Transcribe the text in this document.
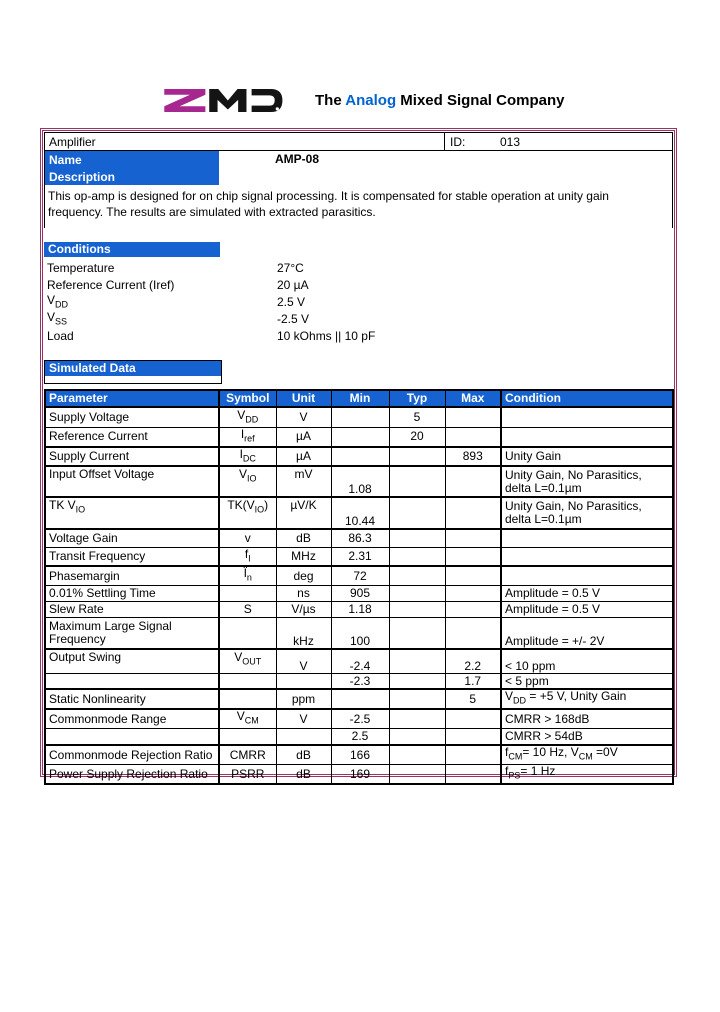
The Analog Mixed Signal Company
Amplifier	ID:	013
Name
Description
AMP-08
This op-amp is designed for on chip signal processing. It is compensated for stable operation at unity gain frequency. The results are simulated with extracted parasitics.
Conditions
Temperature	27°C
Reference Current (Iref)	20 µA
$V_{DD}$	2.5 V
$V_{SS}$	-2.5 V
Load	10 kOhms || 10 pF
Simulated Data
Parameter	Symbol	Unit	Min	Typ	Max	Condition
Supply Voltage	$V_{DD}$	V		5		
Reference Current	$I_{ref}$	µA		20		
Supply Current	$I_{DC}$	µA			893	Unity Gain
Input Offset Voltage	$V_{IO}$	mV	1.08			Unity Gain, No Parasitics, delta L=0.1µm
TK $V_{IO}$	$TK(V_{IO})$	µV/K	10.44			Unity Gain, No Parasitics, delta L=0.1µm
Voltage Gain	v	dB	86.3			
Transit Frequency	$f_I$	MHz	2.31			
Phasemargin	$Ï_n$	deg	72			
0.01% Settling Time		ns	905			Amplitude = 0.5 V
Slew Rate	S	V/µs	1.18			Amplitude = 0.5 V
Maximum Large Signal Frequency		kHz	100			Amplitude = +/- 2V
Output Swing	$V_{OUT}$	V	-2.4		2.2	< 10 ppm
			-2.3		1.7	< 5 ppm
Static Nonlinearity		ppm			5	$V_{DD} = +5$ V, Unity Gain
Commonmode Range	$V_{CM}$	V	-2.5			CMRR > 168dB
			2.5			CMRR > 54dB
Commonmode Rejection Ratio	CMRR	dB	166			$f_{CM}= 10$ Hz, $V_{CM} =0V$
Power Supply Rejection Ratio	PSRR	dB	169			$f_{PS}= 1$ Hz
